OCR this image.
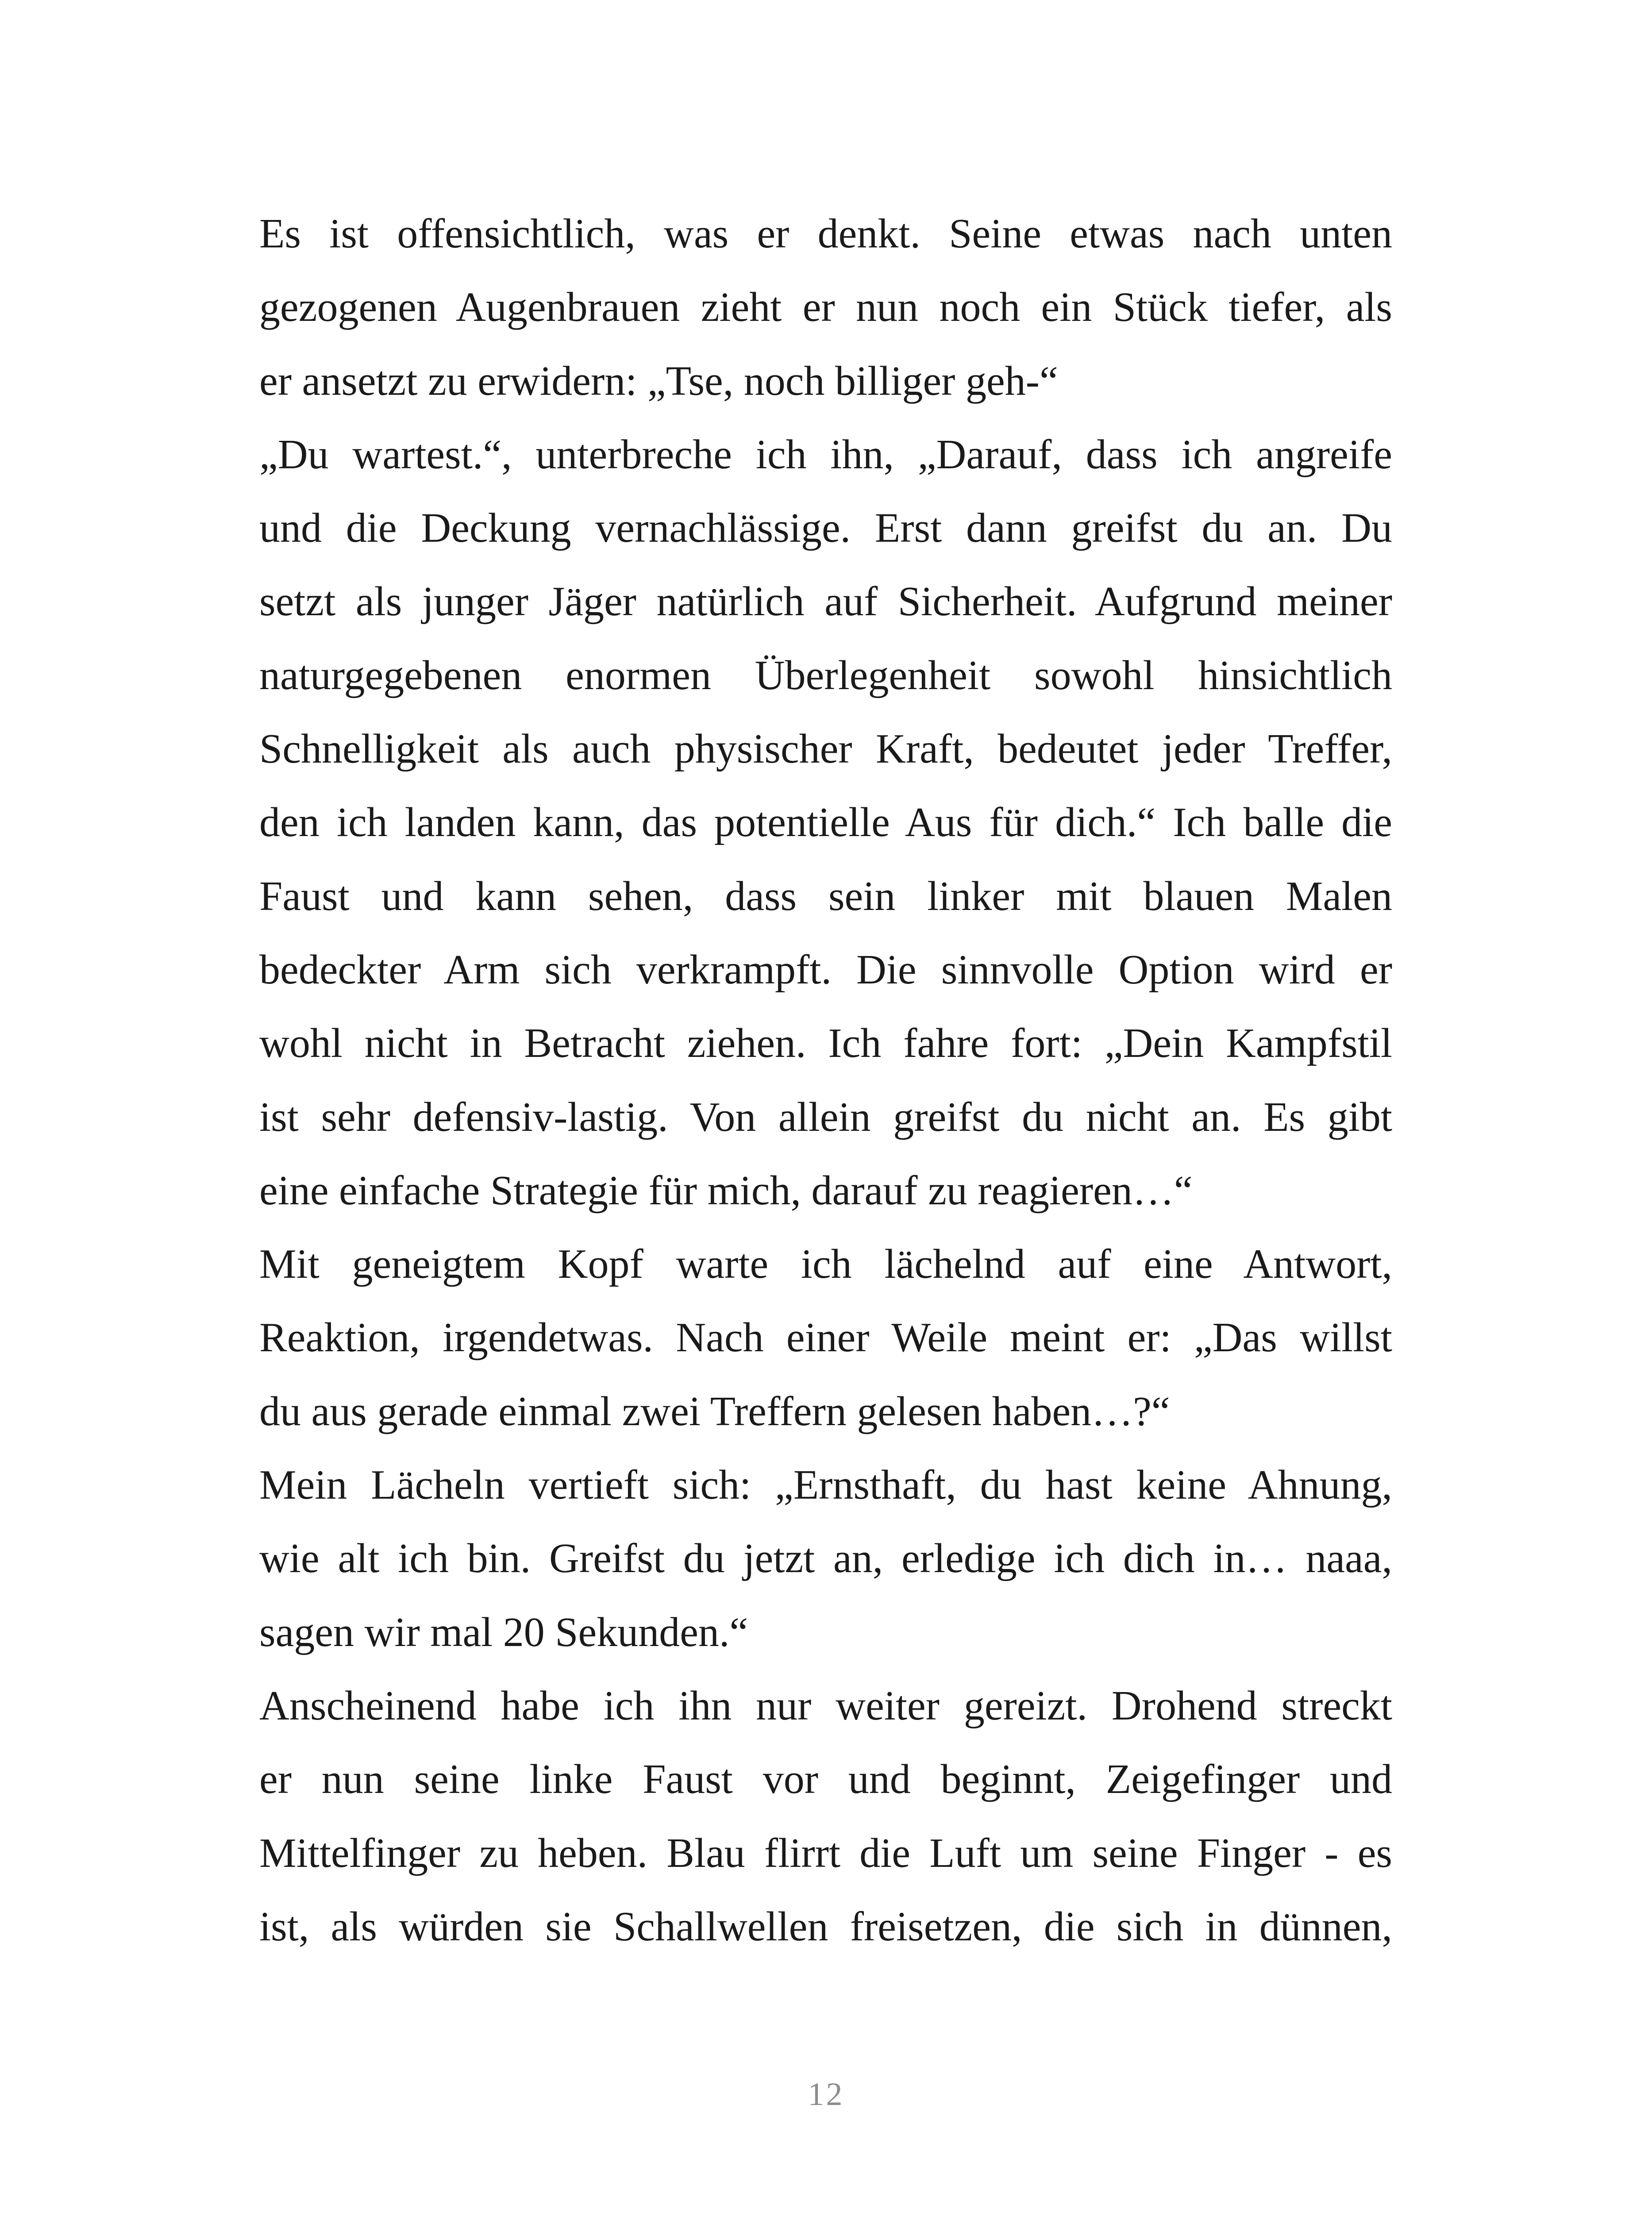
Es ist offensichtlich, was er denkt. Seine etwas nach unten
gezogenen Augenbrauen zieht er nun noch ein Stück tiefer, als
er ansetzt zu erwidern: „Tse, noch billiger geh-“
„Du wartest.“, unterbreche ich ihn, „Darauf, dass ich angreife
und die Deckung vernachlässige. Erst dann greifst du an. Du
setzt als junger Jäger natürlich auf Sicherheit. Aufgrund meiner
naturgegebenen enormen Überlegenheit sowohl hinsichtlich
Schnelligkeit als auch physischer Kraft, bedeutet jeder Treffer,
den ich landen kann, das potentielle Aus für dich.“ Ich balle die
Faust und kann sehen, dass sein linker mit blauen Malen
bedeckter Arm sich verkrampft. Die sinnvolle Option wird er
wohl nicht in Betracht ziehen. Ich fahre fort: „Dein Kampfstil
ist sehr defensiv-lastig. Von allein greifst du nicht an. Es gibt
eine einfache Strategie für mich, darauf zu reagieren…“
Mit geneigtem Kopf warte ich lächelnd auf eine Antwort,
Reaktion, irgendetwas. Nach einer Weile meint er: „Das willst
du aus gerade einmal zwei Treffern gelesen haben…?“
Mein Lächeln vertieft sich: „Ernsthaft, du hast keine Ahnung,
wie alt ich bin. Greifst du jetzt an, erledige ich dich in… naaa,
sagen wir mal 20 Sekunden.“
Anscheinend habe ich ihn nur weiter gereizt. Drohend streckt
er nun seine linke Faust vor und beginnt, Zeigefinger und
Mittelfinger zu heben. Blau flirrt die Luft um seine Finger - es
ist, als würden sie Schallwellen freisetzen, die sich in dünnen,
12
